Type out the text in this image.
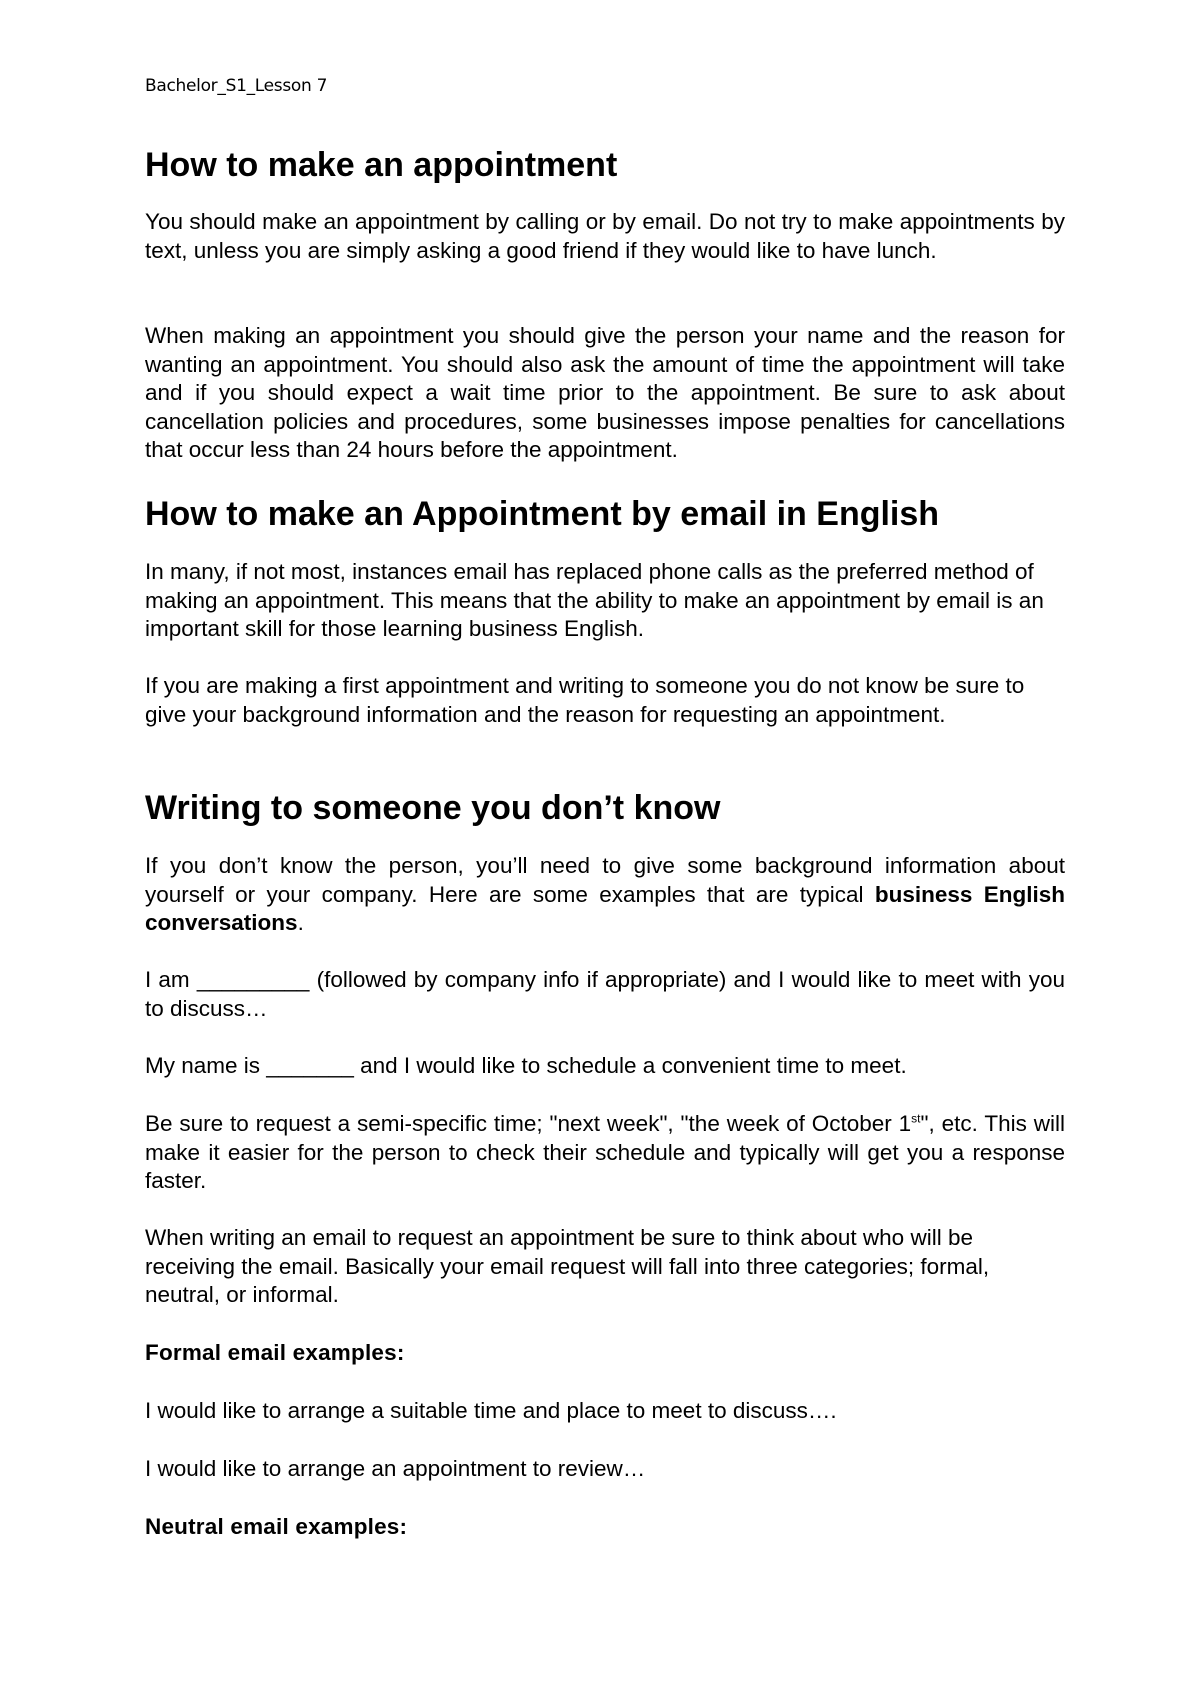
Bachelor_S1_Lesson 7

How to make an appointment

You should make an appointment by calling or by email. Do not try to make appointments by text, unless you are simply asking a good friend if they would like to have lunch.

When making an appointment you should give the person your name and the reason for wanting an appointment. You should also ask the amount of time the appointment will take and if you should expect a wait time prior to the appointment. Be sure to ask about cancellation policies and procedures, some businesses impose penalties for cancellations that occur less than 24 hours before the appointment.

How to make an Appointment by email in English

In many, if not most, instances email has replaced phone calls as the preferred method of making an appointment. This means that the ability to make an appointment by email is an important skill for those learning business English.

If you are making a first appointment and writing to someone you do not know be sure to give your background information and the reason for requesting an appointment.

Writing to someone you don’t know

If you don’t know the person, you’ll need to give some background information about yourself or your company. Here are some examples that are typical business English conversations.

I am _________ (followed by company info if appropriate) and I would like to meet with you to discuss…

My name is _______ and I would like to schedule a convenient time to meet.

Be sure to request a semi-specific time; "next week", "the week of October 1st", etc. This will make it easier for the person to check their schedule and typically will get you a response faster.

When writing an email to request an appointment be sure to think about who will be receiving the email. Basically your email request will fall into three categories; formal, neutral, or informal.

Formal email examples:

I would like to arrange a suitable time and place to meet to discuss….

I would like to arrange an appointment to review…

Neutral email examples:
